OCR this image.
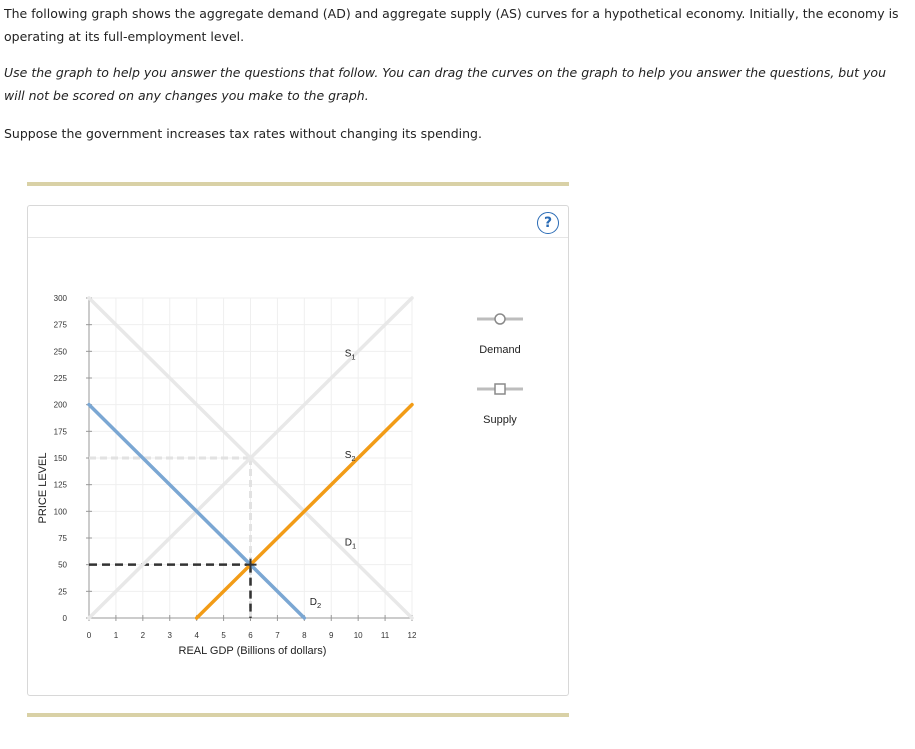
The following graph shows the aggregate demand (AD) and aggregate supply (AS) curves for a hypothetical economy. Initially, the economy is operating at its full-employment level.

Use the graph to help you answer the questions that follow. You can drag the curves on the graph to help you answer the questions, but you will not be scored on any changes you make to the graph.

Suppose the government increases tax rates without changing its spending.

?
0	1	2	3	4	5	6	7	8	9	10 11 12
0
25
50
75
100
125
150
175
200
225
250
275
300
REAL GDP (Billions of dollars)
PRICE LEVEL
$S_1$
$D_1$
$S_2$
$D_2$
Demand
Supply
